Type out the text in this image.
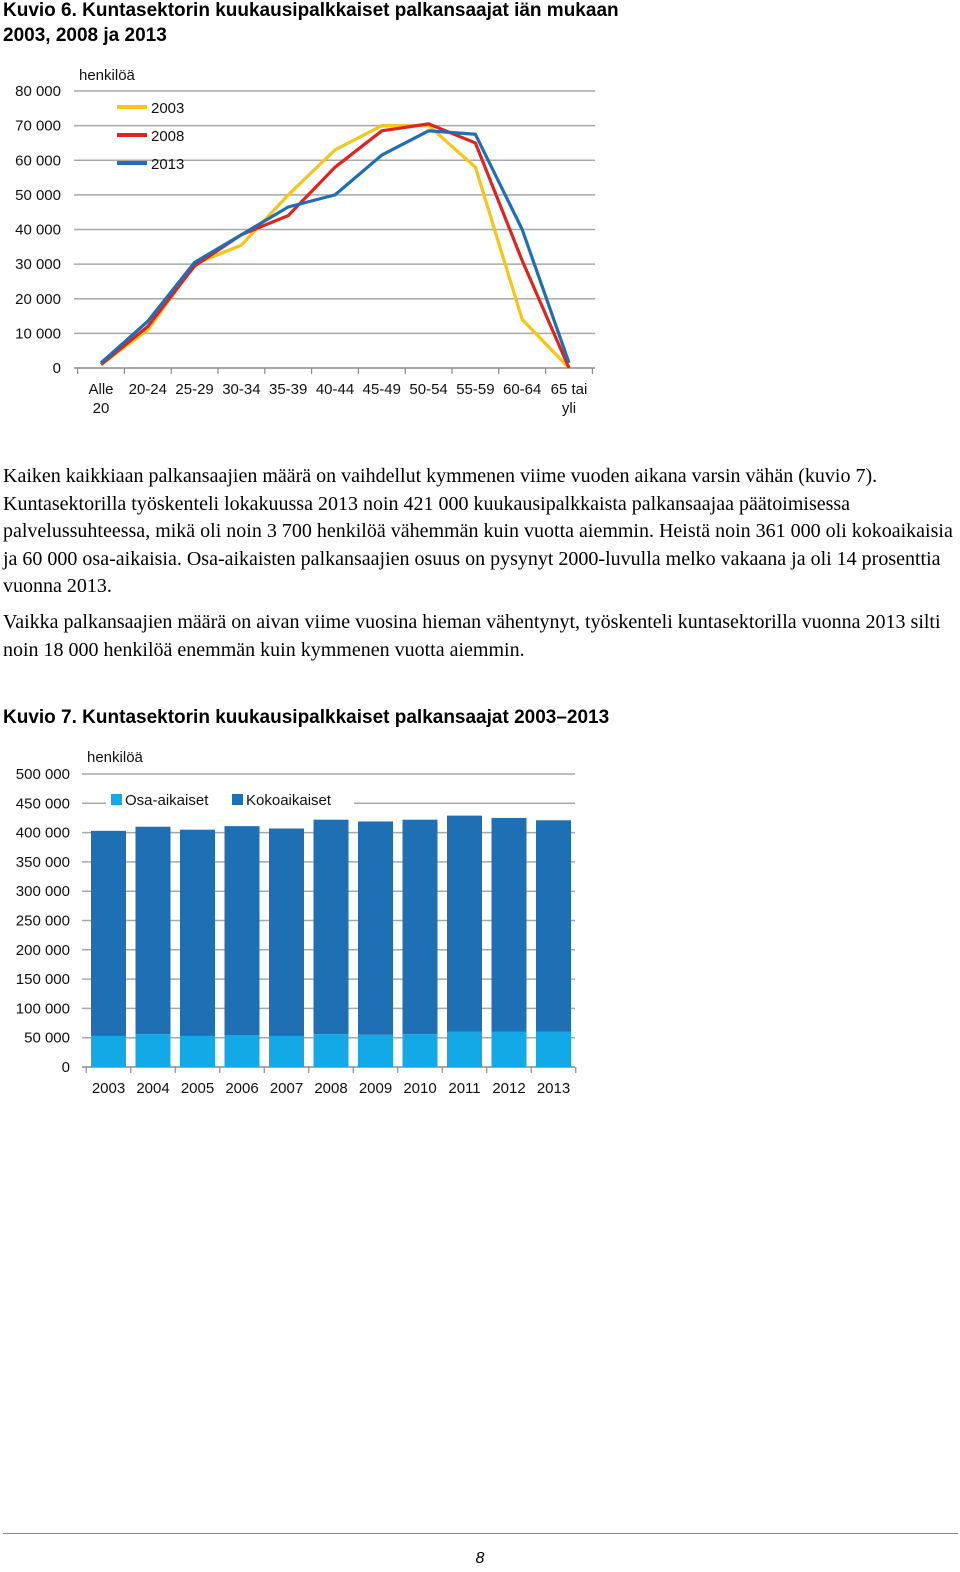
Kuvio 6. Kuntasektorin kuukausipalkkaiset palkansaajat iän mukaan
2003, 2008 ja 2013

henkilöä
0
10 000
20 000
30 000
40 000
50 000
60 000
70 000
80 000
Alle
20
20-24 25-29 30-34 35-39 40-44 45-49 50-54 55-59 60-64 65 tai
yli
2003
2008
2013

Kaiken kaikkiaan palkansaajien määrä on vaihdellut kymmenen viime vuoden aikana varsin vähän (kuvio 7). Kuntasektorilla työskenteli lokakuussa 2013 noin 421 000 kuukausipalkkaista palkansaajaa päätoimisessa palvelussuhteessa, mikä oli noin 3 700 henkilöä vähemmän kuin vuotta aiemmin. Heistä noin 361 000 oli kokoaikaisia ja 60 000 osa-aikaisia. Osa-aikaisten palkansaajien osuus on pysynyt 2000-luvulla melko vakaana ja oli 14 prosenttia vuonna 2013.

Vaikka palkansaajien määrä on aivan viime vuosina hieman vähentynyt, työskenteli kuntasektorilla vuonna 2013 silti noin 18 000 henkilöä enemmän kuin kymmenen vuotta aiemmin.

Kuvio 7. Kuntasektorin kuukausipalkkaiset palkansaajat 2003–2013

henkilöä
0
50 000
100 000
150 000
200 000
250 000
300 000
350 000
400 000
450 000
500 000
2003 2004 2005 2006 2007 2008 2009 2010 2011 2012 2013
Osa-aikaiset	Kokoaikaiset
8
